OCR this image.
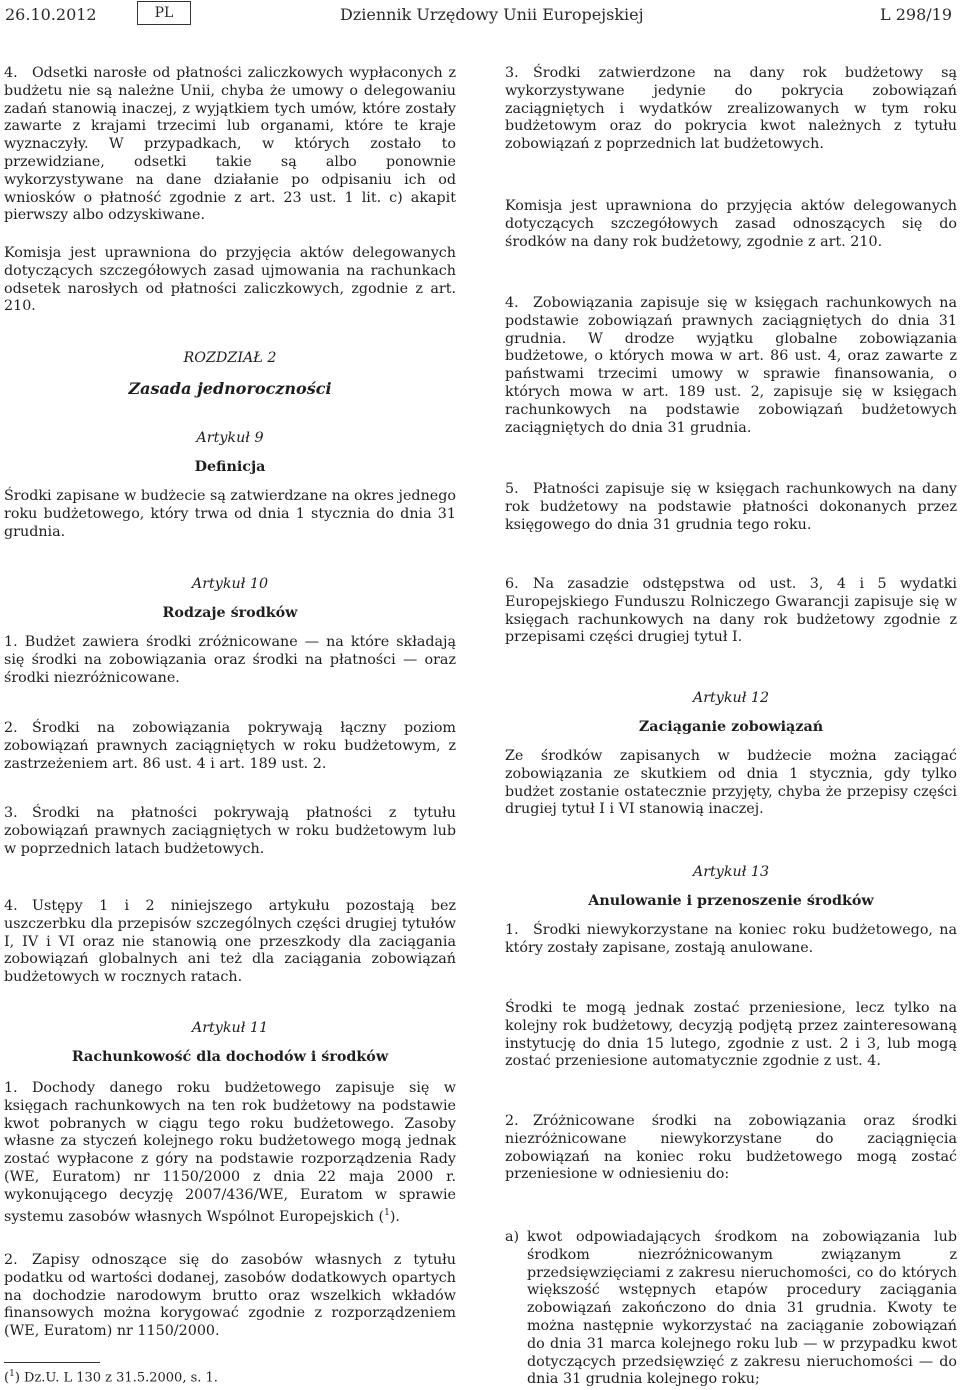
26.10.2012	PL	Dziennik Urzędowy Unii Europejskiej	L 298/19

4. Odsetki narosłe od płatności zaliczkowych wypłaconych z budżetu nie są należne Unii, chyba że umowy o delegowaniu zadań stanowią inaczej, z wyjątkiem tych umów, które zostały zawarte z krajami trzecimi lub organami, które te kraje wyznaczyły. W przypadkach, w których zostało to przewidziane, odsetki takie są albo ponownie wykorzystywane na dane działanie po odpisaniu ich od wniosków o płatność zgodnie z art. 23 ust. 1 lit. c) akapit pierwszy albo odzyskiwane.

Komisja jest uprawniona do przyjęcia aktów delegowanych dotyczących szczegółowych zasad ujmowania na rachunkach odsetek narosłych od płatności zaliczkowych, zgodnie z art. 210.

ROZDZIAŁ 2

Zasada jednoroczności

Artykuł 9

Definicja

Środki zapisane w budżecie są zatwierdzane na okres jednego roku budżetowego, który trwa od dnia 1 stycznia do dnia 31 grudnia.

Artykuł 10

Rodzaje środków

1. Budżet zawiera środki zróżnicowane — na które składają się środki na zobowiązania oraz środki na płatności — oraz środki niezróżnicowane.

2. Środki na zobowiązania pokrywają łączny poziom zobowiązań prawnych zaciągniętych w roku budżetowym, z zastrzeżeniem art. 86 ust. 4 i art. 189 ust. 2.

3. Środki na płatności pokrywają płatności z tytułu zobowiązań prawnych zaciągniętych w roku budżetowym lub w poprzednich latach budżetowych.

4. Ustępy 1 i 2 niniejszego artykułu pozostają bez uszczerbku dla przepisów szczególnych części drugiej tytułów I, IV i VI oraz nie stanowią one przeszkody dla zaciągania zobowiązań globalnych ani też dla zaciągania zobowiązań budżetowych w rocznych ratach.

Artykuł 11

Rachunkowość dla dochodów i środków

1. Dochody danego roku budżetowego zapisuje się w księgach rachunkowych na ten rok budżetowy na podstawie kwot pobranych w ciągu tego roku budżetowego. Zasoby własne za styczeń kolejnego roku budżetowego mogą jednak zostać wypłacone z góry na podstawie rozporządzenia Rady (WE, Euratom) nr 1150/2000 z dnia 22 maja 2000 r. wykonującego decyzję 2007/436/WE, Euratom w sprawie systemu zasobów własnych Wspólnot Europejskich ($^1$).

2. Zapisy odnoszące się do zasobów własnych z tytułu podatku od wartości dodanej, zasobów dodatkowych opartych na dochodzie narodowym brutto oraz wszelkich wkładów finansowych można korygować zgodnie z rozporządzeniem (WE, Euratom) nr 1150/2000.

($^1$) Dz.U. L 130 z 31.5.2000, s. 1.

3. Środki zatwierdzone na dany rok budżetowy są wykorzystywane jedynie do pokrycia zobowiązań zaciągniętych i wydatków zrealizowanych w tym roku budżetowym oraz do pokrycia kwot należnych z tytułu zobowiązań z poprzednich lat budżetowych.

Komisja jest uprawniona do przyjęcia aktów delegowanych dotyczących szczegółowych zasad odnoszących się do środków na dany rok budżetowy, zgodnie z art. 210.

4. Zobowiązania zapisuje się w księgach rachunkowych na podstawie zobowiązań prawnych zaciągniętych do dnia 31 grudnia. W drodze wyjątku globalne zobowiązania budżetowe, o których mowa w art. 86 ust. 4, oraz zawarte z państwami trzecimi umowy w sprawie finansowania, o których mowa w art. 189 ust. 2, zapisuje się w księgach rachunkowych na podstawie zobowiązań budżetowych zaciągniętych do dnia 31 grudnia.

5. Płatności zapisuje się w księgach rachunkowych na dany rok budżetowy na podstawie płatności dokonanych przez księgowego do dnia 31 grudnia tego roku.

6. Na zasadzie odstępstwa od ust. 3, 4 i 5 wydatki Europejskiego Funduszu Rolniczego Gwarancji zapisuje się w księgach rachunkowych na dany rok budżetowy zgodnie z przepisami części drugiej tytuł I.

Artykuł 12

Zaciąganie zobowiązań

Ze środków zapisanych w budżecie można zaciągać zobowiązania ze skutkiem od dnia 1 stycznia, gdy tylko budżet zostanie ostatecznie przyjęty, chyba że przepisy części drugiej tytuł I i VI stanowią inaczej.

Artykuł 13

Anulowanie i przenoszenie środków

1. Środki niewykorzystane na koniec roku budżetowego, na który zostały zapisane, zostają anulowane.

Środki te mogą jednak zostać przeniesione, lecz tylko na kolejny rok budżetowy, decyzją podjętą przez zainteresowaną instytucję do dnia 15 lutego, zgodnie z ust. 2 i 3, lub mogą zostać przeniesione automatycznie zgodnie z ust. 4.

2. Zróżnicowane środki na zobowiązania oraz środki niezróżnicowane niewykorzystane do zaciągnięcia zobowiązań na koniec roku budżetowego mogą zostać przeniesione w odniesieniu do:

a) kwot odpowiadających środkom na zobowiązania lub środkom niezróżnicowanym związanym z przedsięwzięciami z zakresu nieruchomości, co do których większość wstępnych etapów procedury zaciągania zobowiązań zakończono do dnia 31 grudnia. Kwoty te można następnie wykorzystać na zaciąganie zobowiązań do dnia 31 marca kolejnego roku lub — w przypadku kwot dotyczących przedsięwzięć z zakresu nieruchomości — do dnia 31 grudnia kolejnego roku;
